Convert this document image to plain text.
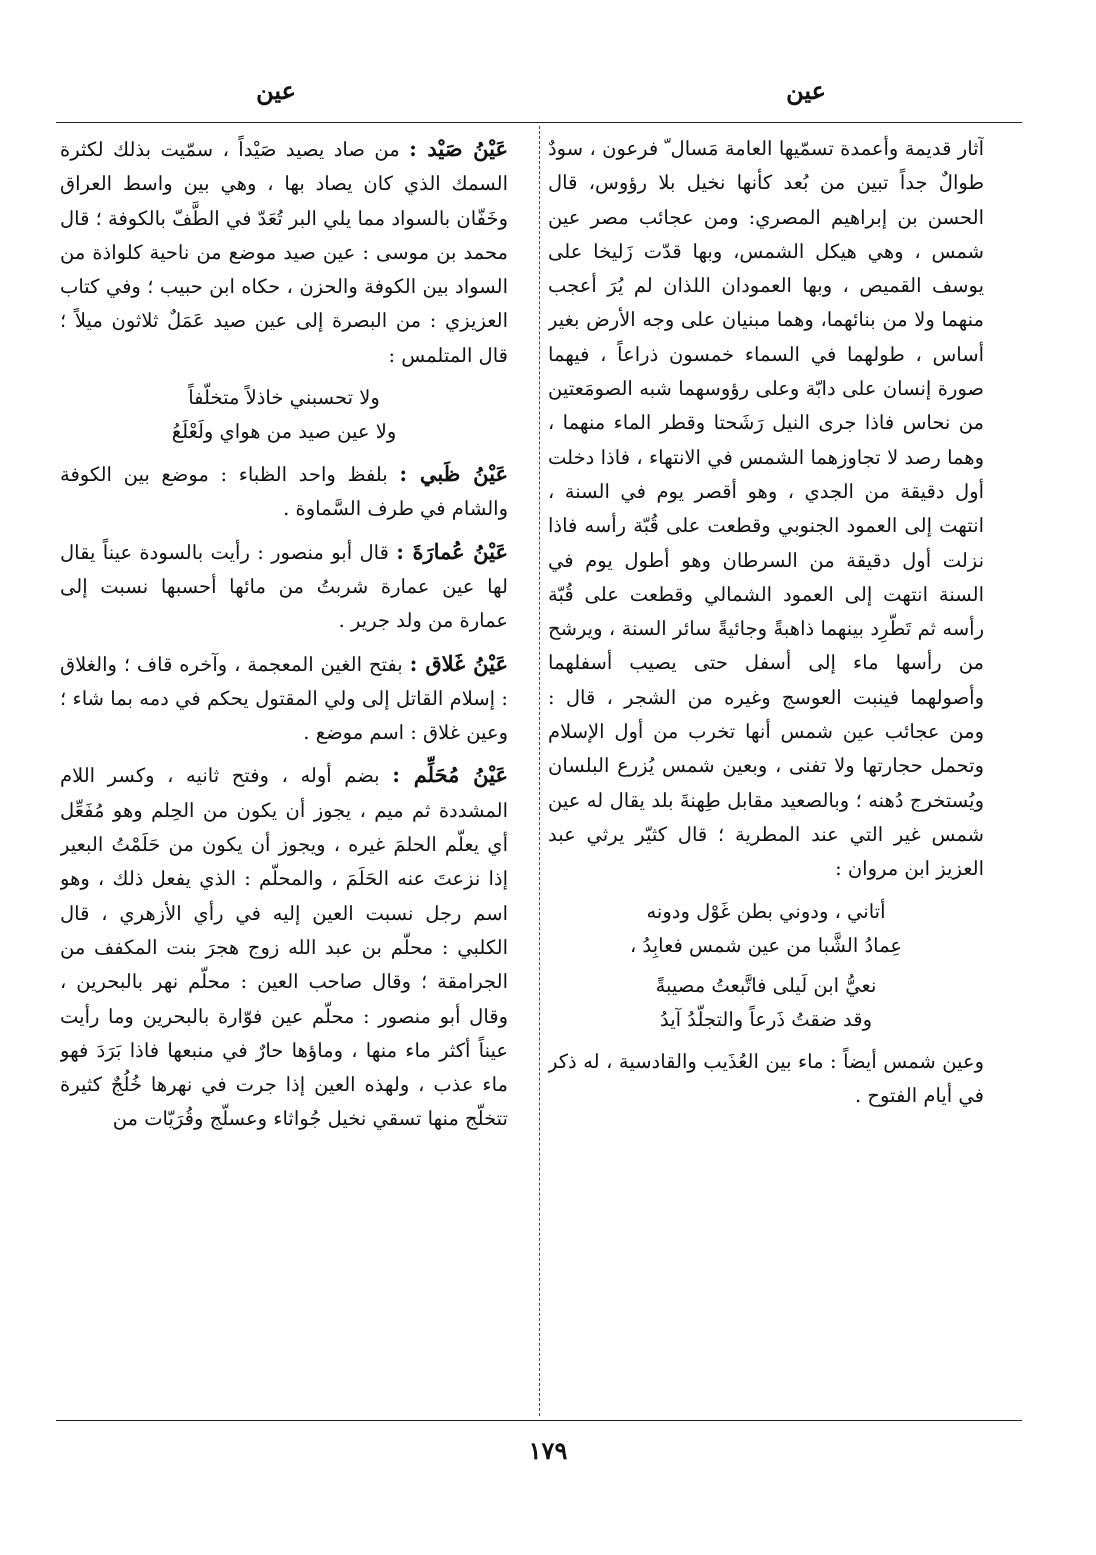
عين
عين

آثار قديمة وأعمدة تسمّيها العامة مَسال ّ فرعون ، سودٌ طوالٌ جداً تبين من بُعد كأنها نخيل بلا رؤوس، قال الحسن بن إبراهيم المصري: ومن عجائب مصر عين شمس ، وهي هيكل الشمس، وبها قدّت زَليخا على يوسف القميص ، وبها العمودان اللذان لم يُرَ أعجب منهما ولا من بنائهما، وهما مبنيان على وجه الأرض بغير أساس ، طولهما في السماء خمسون ذراعاً ، فيهما صورة إنسان على دابّة وعلى رؤوسهما شبه الصومَعتين من نحاس فاذا جرى النيل رَشَحتا وقطر الماء منهما ، وهما رصد لا تجاوزهما الشمس في الانتهاء ، فاذا دخلت أول دقيقة من الجدي ، وهو أقصر يوم في السنة ، انتهت إلى العمود الجنوبي وقطعت على قُبّة رأسه فاذا نزلت أول دقيقة من السرطان وهو أطول يوم في السنة انتهت إلى العمود الشمالي وقطعت على قُبّة رأسه ثم تَطّرِد بينهما ذاهبةً وجائيةً سائر السنة ، ويرشح من رأسها ماء إلى أسفل حتى يصيب أسفلهما وأصولهما فينبت العوسج وغيره من الشجر ، قال : ومن عجائب عين شمس أنها تخرب من أول الإسلام وتحمل حجارتها ولا تفنى ، وبعين شمس يُزرع البلسان ويُستخرج دُهنه ؛ وبالصعيد مقابل طِهنةَ بلد يقال له عين شمس غير التي عند المطرية ؛ قال كثيّر يرثي عبد العزيز ابن مروان :

أتاني ، ودوني بطن غَوْل ودونه
عِمادُ الشَّبا من عين شمس فعابِدُ ،
نعيُّ ابن لَيلى فاتَّبعتُ مصيبةً
وقد ضقتُ ذَرعاً والتجلّدُ آيدُ

وعين شمس أيضاً : ماء بين العُذَيب والقادسية ، له ذكر في أيام الفتوح .

عَيْنُ صَيْد : من صاد يصيد صَيْداً ، سمّيت بذلك لكثرة السمك الذي كان يصاد بها ، وهي بين واسط العراق وخَفّان بالسواد مما يلي البر تُعَدّ في الطَّفّ بالكوفة ؛ قال محمد بن موسى : عين صيد موضع من ناحية كلواذة من السواد بين الكوفة والحزن ، حكاه ابن حبيب ؛ وفي كتاب العزيزي : من البصرة إلى عين صيد عَمَلٌ ثلاثون ميلاً ؛ قال المتلمس :

ولا تحسبني خاذلاً متخلّفاً
ولا عين صيد من هواي ولَعْلَعُ

عَيْنُ ظَبي : بلفظ واحد الظباء : موضع بين الكوفة والشام في طرف السَّماوة .

عَيْنُ عُمارَةَ : قال أبو منصور : رأيت بالسودة عيناً يقال لها عين عمارة شربتُ من مائها أحسبها نسبت إلى عمارة من ولد جرير .

عَيْنُ غَلاق : بفتح الغين المعجمة ، وآخره قاف ؛ والغلاق : إسلام القاتل إلى ولي المقتول يحكم في دمه بما شاء ؛ وعين غلاق : اسم موضع .

عَيْنُ مُحَلِّم : بضم أوله ، وفتح ثانيه ، وكسر اللام المشددة ثم ميم ، يجوز أن يكون من الحِلم وهو مُفَعِّل أي يعلّم الحلمَ غيره ، ويجوز أن يكون من حَلَمْتُ البعير إذا نزعتَ عنه الحَلَمَ ، والمحلّم : الذي يفعل ذلك ، وهو اسم رجل نسبت العين إليه في رأي الأزهري ، قال الكلبي : محلّم بن عبد الله زوج هجرَ بنت المكفف من الجرامقة ؛ وقال صاحب العين : محلّم نهر بالبحرين ، وقال أبو منصور : محلّم عين فوّارة بالبحرين وما رأيت عيناً أكثر ماء منها ، وماؤها حارٌ في منبعها فاذا بَرَدَ فهو ماء عذب ، ولهذه العين إذا جرت في نهرها خُلُجٌ كثيرة تتخلّج منها تسقي نخيل جُواثاء وعسلّج وقُرَيّات من

١٧٩
